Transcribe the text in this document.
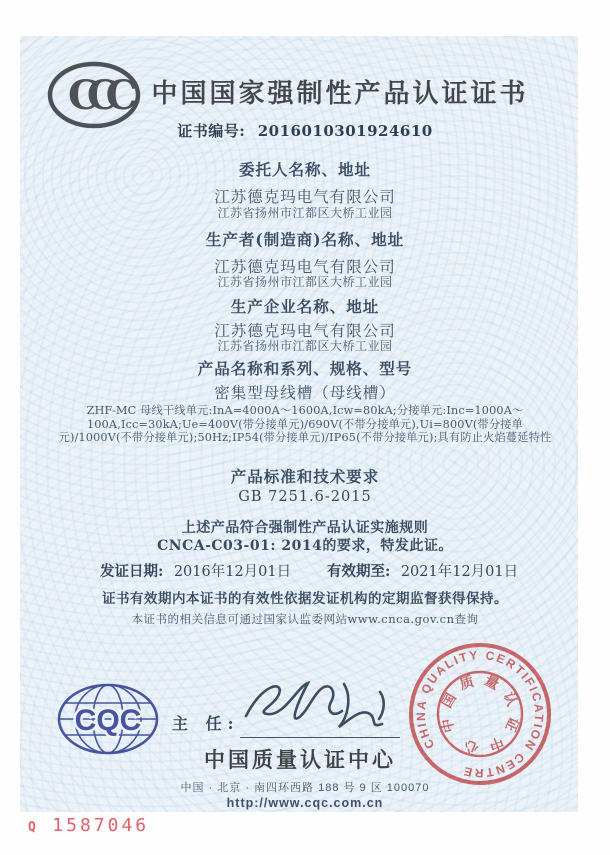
CCC	中国国家强制性产品认证证书
证书编号: 2016010301924610
委托人名称、地址
江苏德克玛电气有限公司
江苏省扬州市江都区大桥工业园
生产者(制造商)名称、地址
江苏德克玛电气有限公司
江苏省扬州市江都区大桥工业园
生产企业名称、地址
江苏德克玛电气有限公司
江苏省扬州市江都区大桥工业园
产品名称和系列、规格、型号
密集型母线槽（母线槽）
ZHF-MC 母线干线单元:InA=4000A～1600A,Icw=80kA;分接单元:Inc=1000A～100A,Icc=30kA;Ue=400V(带分接单元)/690V(不带分接单元),Ui=800V(带分接单元)/1000V(不带分接单元);50Hz;IP54(带分接单元)/IP65(不带分接单元);具有防止火焰蔓延特性
产品标准和技术要求
GB 7251.6-2015
上述产品符合强制性产品认证实施规则
CNCA-C03-01: 2014的要求，特发此证。
发证日期: 2016年12月01日 有效期至: 2021年12月01日
证书有效期内本证书的有效性依据发证机构的定期监督获得保持。
本证书的相关信息可通过国家认监委网站www.cnca.gov.cn查询
CQC 主 任:
中国质量认证中心
中国 · 北京 · 南四环西路 188 号 9 区 100070
http://www.cqc.com.cn
CHINA QUALITY CERTIFICATION CENTRE
中国质量认证中心
Q 1587046
